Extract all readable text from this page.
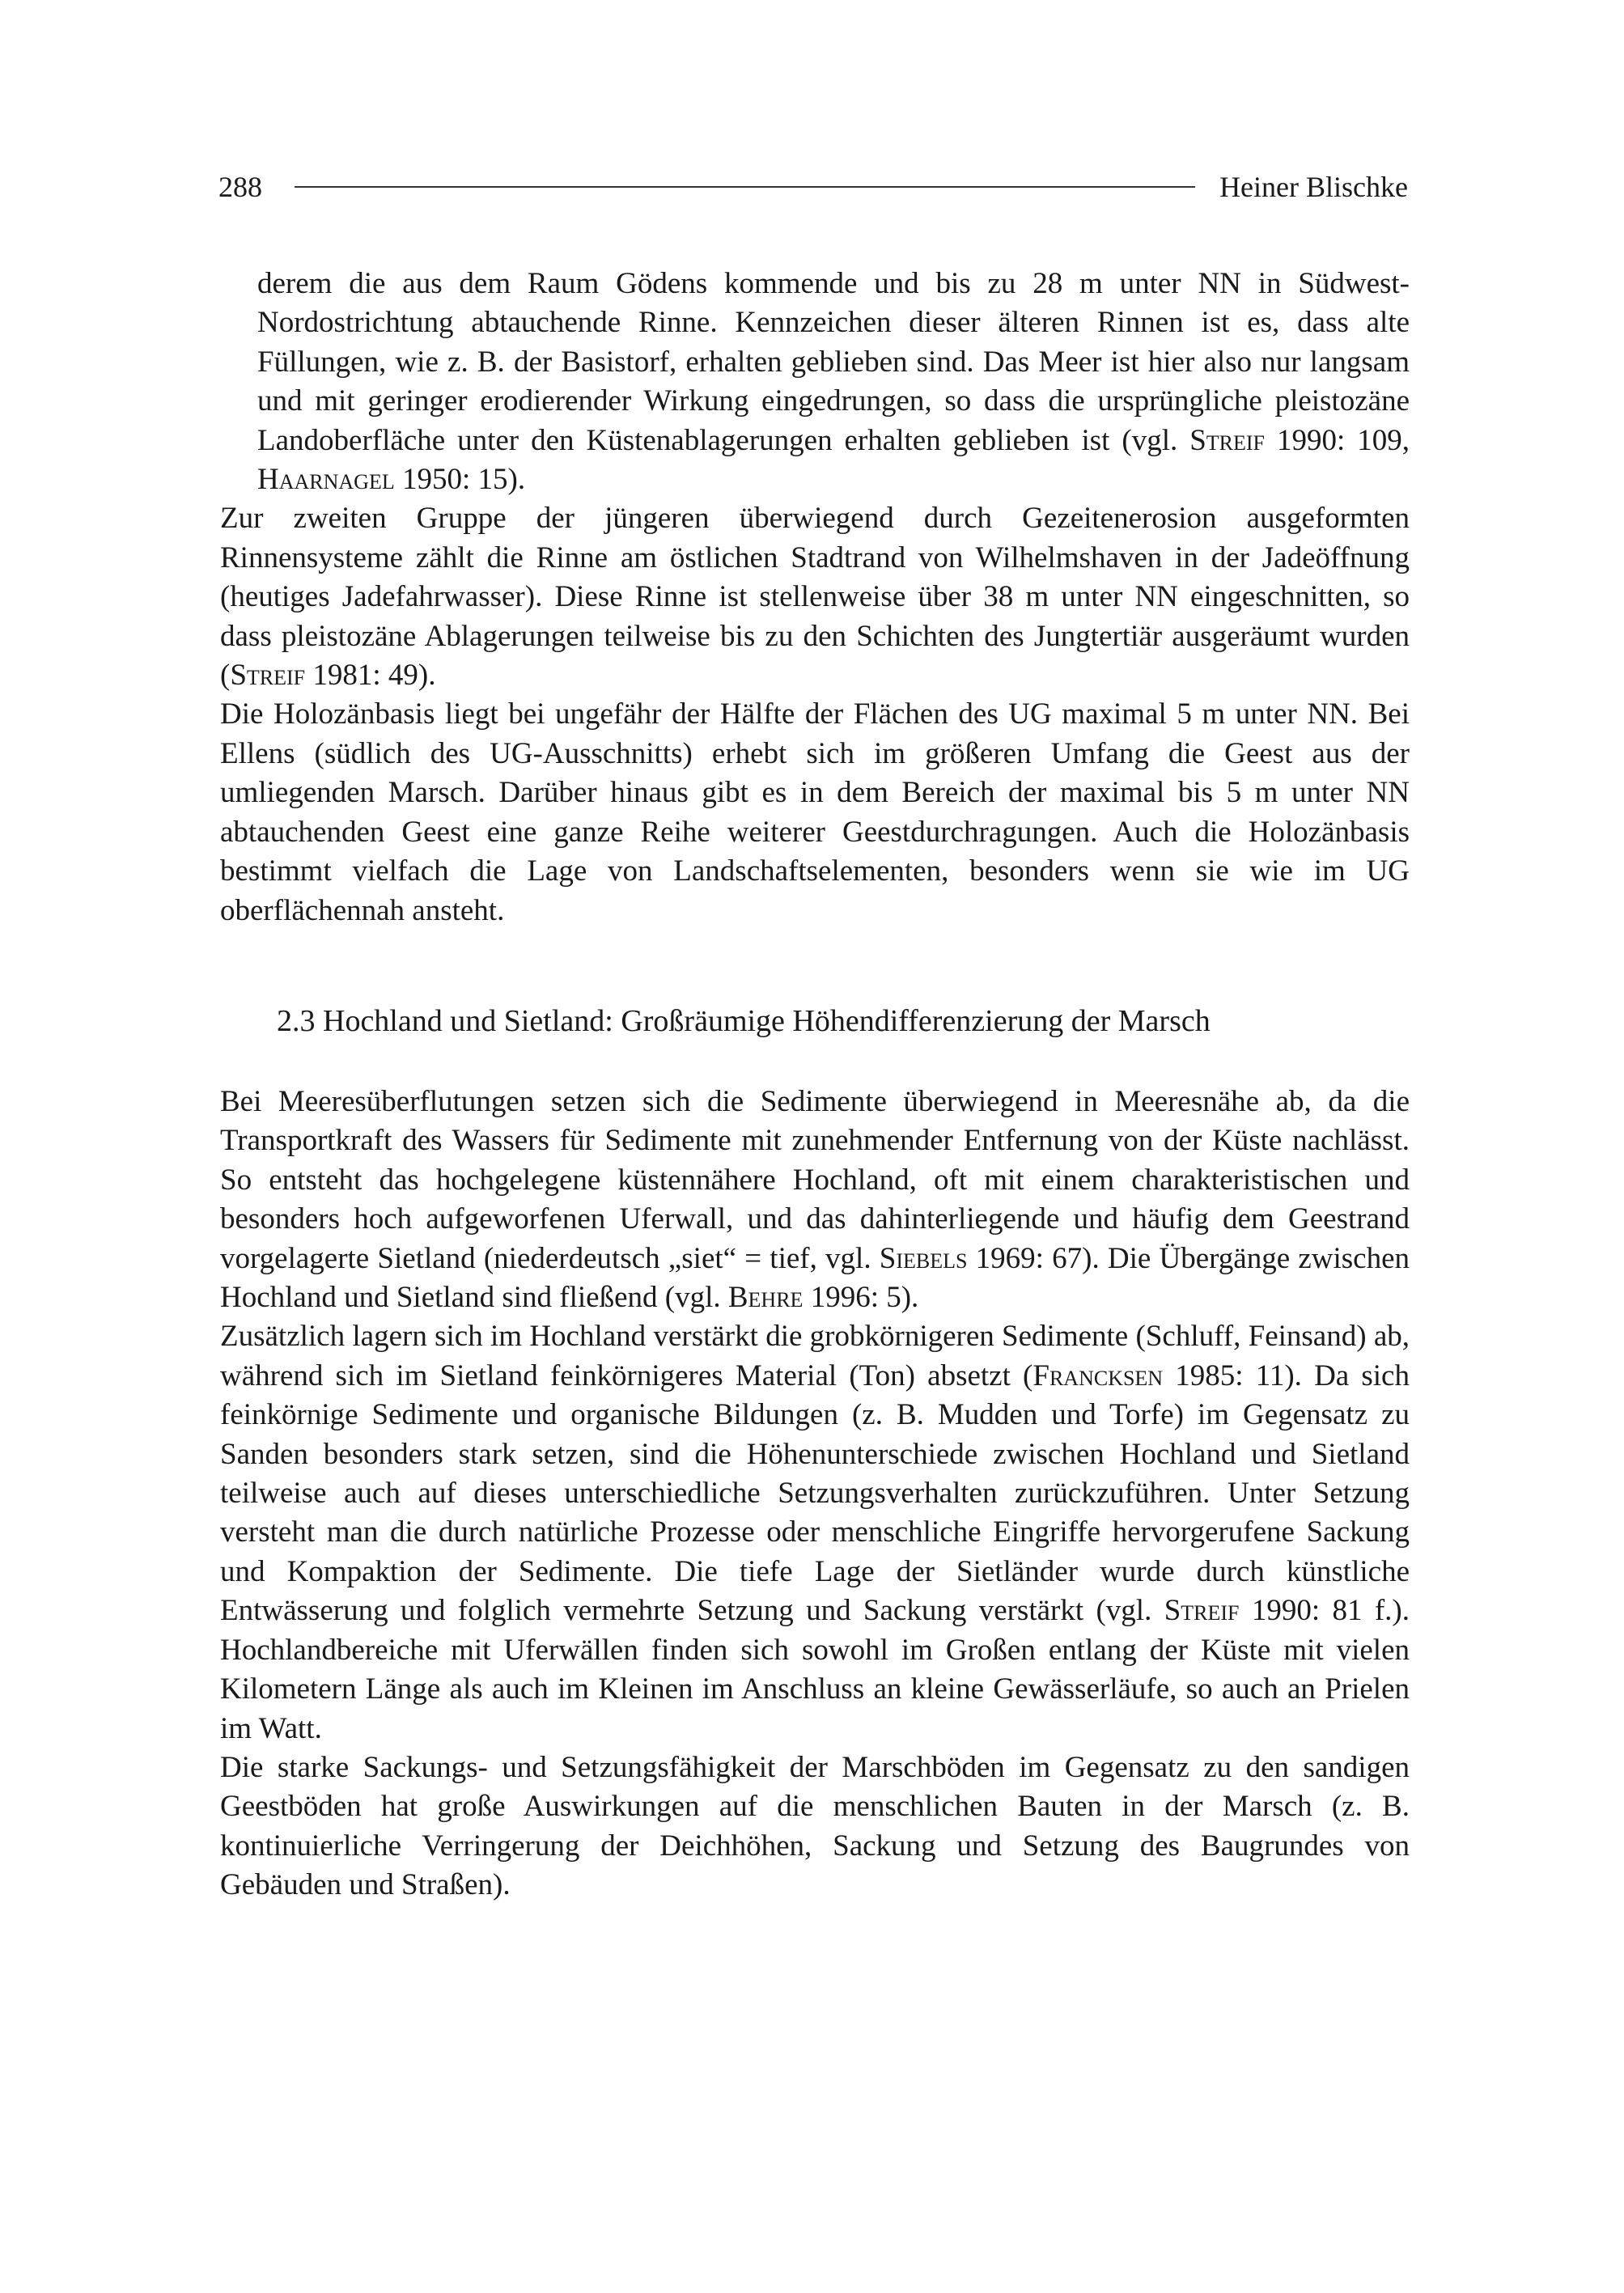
288	Heiner Blischke

derem die aus dem Raum Gödens kommende und bis zu 28 m unter NN in Südwest-Nordostrichtung abtauchende Rinne. Kennzeichen dieser älteren Rinnen ist es, dass alte Füllungen, wie z. B. der Basistorf, erhalten geblieben sind. Das Meer ist hier also nur langsam und mit geringer erodierender Wirkung eingedrungen, so dass die ursprüngliche pleistozäne Landoberfläche unter den Küstenablagerungen erhalten geblieben ist (vgl. Streif 1990: 109, Haarnagel 1950: 15).

Zur zweiten Gruppe der jüngeren überwiegend durch Gezeitenerosion ausgeformten Rinnensysteme zählt die Rinne am östlichen Stadtrand von Wilhelmshaven in der Jadeöffnung (heutiges Jadefahrwasser). Diese Rinne ist stellenweise über 38 m unter NN eingeschnitten, so dass pleistozäne Ablagerungen teilweise bis zu den Schichten des Jungtertiär ausgeräumt wurden (Streif 1981: 49).

Die Holozänbasis liegt bei ungefähr der Hälfte der Flächen des UG maximal 5 m unter NN. Bei Ellens (südlich des UG-Ausschnitts) erhebt sich im größeren Umfang die Geest aus der umliegenden Marsch. Darüber hinaus gibt es in dem Bereich der maximal bis 5 m unter NN abtauchenden Geest eine ganze Reihe weiterer Geestdurchragungen. Auch die Holozänbasis bestimmt vielfach die Lage von Landschaftselementen, besonders wenn sie wie im UG oberflächennah ansteht.

2.3 Hochland und Sietland: Großräumige Höhendifferenzierung der Marsch

Bei Meeresüberflutungen setzen sich die Sedimente überwiegend in Meeresnähe ab, da die Transportkraft des Wassers für Sedimente mit zunehmender Entfernung von der Küste nachlässt. So entsteht das hochgelegene küstennähere Hochland, oft mit einem charakteristischen und besonders hoch aufgeworfenen Uferwall, und das dahinterliegende und häufig dem Geestrand vorgelagerte Sietland (niederdeutsch „siet“ = tief, vgl. Siebels 1969: 67). Die Übergänge zwischen Hochland und Sietland sind fließend (vgl. Behre 1996: 5).

Zusätzlich lagern sich im Hochland verstärkt die grobkörnigeren Sedimente (Schluff, Feinsand) ab, während sich im Sietland feinkörnigeres Material (Ton) absetzt (Francksen 1985: 11). Da sich feinkörnige Sedimente und organische Bildungen (z. B. Mudden und Torfe) im Gegensatz zu Sanden besonders stark setzen, sind die Höhenunterschiede zwischen Hochland und Sietland teilweise auch auf dieses unterschiedliche Setzungsverhalten zurückzuführen. Unter Setzung versteht man die durch natürliche Prozesse oder menschliche Eingriffe hervorgerufene Sackung und Kompaktion der Sedimente. Die tiefe Lage der Sietländer wurde durch künstliche Entwässerung und folglich vermehrte Setzung und Sackung verstärkt (vgl. Streif 1990: 81 f.). Hochlandbereiche mit Uferwällen finden sich sowohl im Großen entlang der Küste mit vielen Kilometern Länge als auch im Kleinen im Anschluss an kleine Gewässerläufe, so auch an Prielen im Watt.

Die starke Sackungs- und Setzungsfähigkeit der Marschböden im Gegensatz zu den sandigen Geestböden hat große Auswirkungen auf die menschlichen Bauten in der Marsch (z. B. kontinuierliche Verringerung der Deichhöhen, Sackung und Setzung des Baugrundes von Gebäuden und Straßen).
